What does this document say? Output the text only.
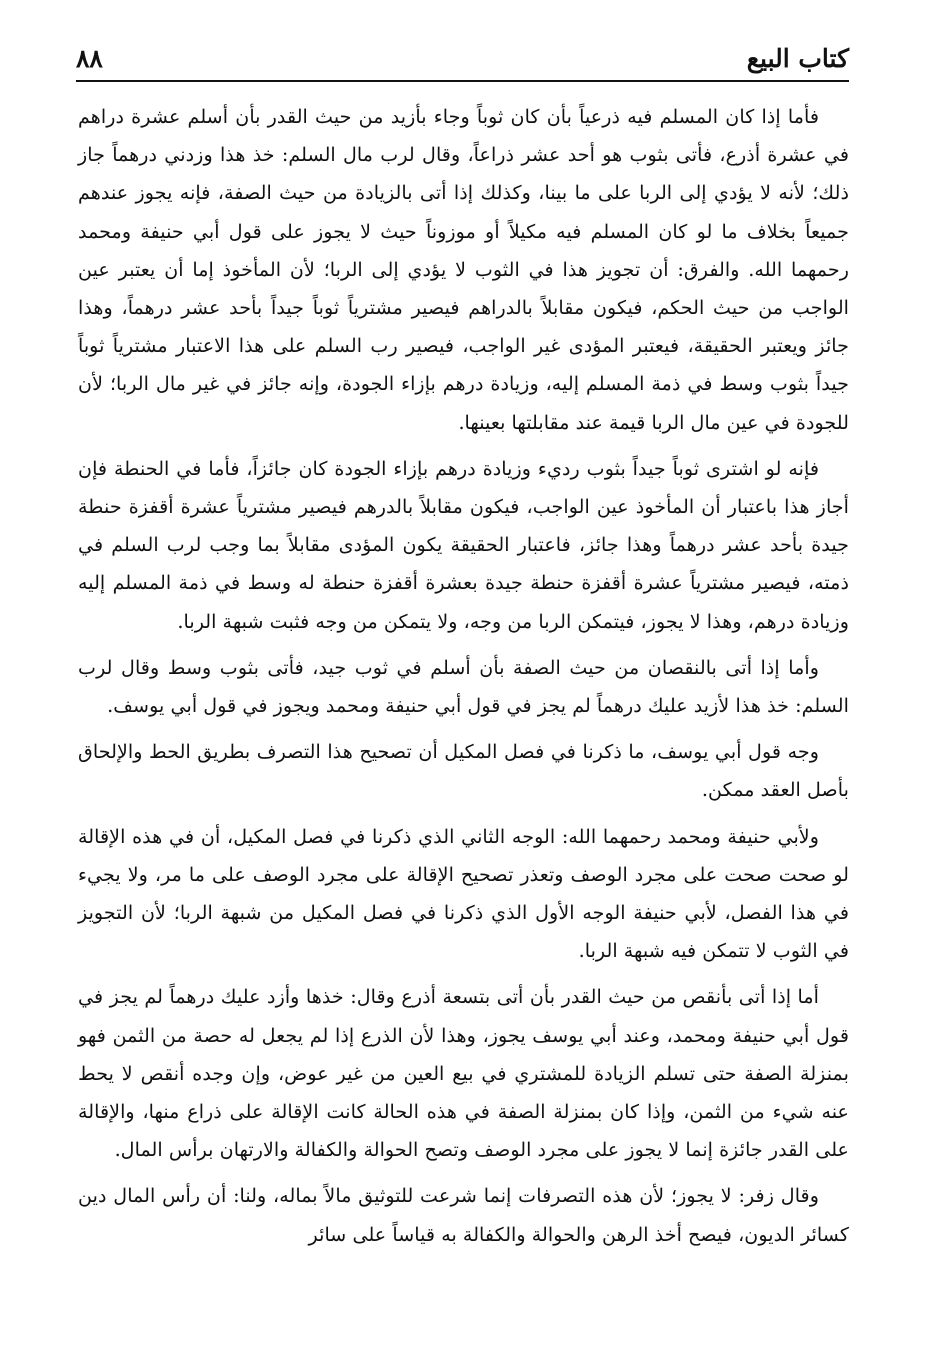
كتاب البيع
٨٨

فأما إذا كان المسلم فيه ذرعياً بأن كان ثوباً وجاء بأزيد من حيث القدر بأن أسلم عشرة دراهم في عشرة أذرع، فأتى بثوب هو أحد عشر ذراعاً، وقال لرب مال السلم: خذ هذا وزدني درهماً جاز ذلك؛ لأنه لا يؤدي إلى الربا على ما بينا، وكذلك إذا أتى بالزيادة من حيث الصفة، فإنه يجوز عندهم جميعاً بخلاف ما لو كان المسلم فيه مكيلاً أو موزوناً حيث لا يجوز على قول أبي حنيفة ومحمد رحمهما الله. والفرق: أن تجويز هذا في الثوب لا يؤدي إلى الربا؛ لأن المأخوذ إما أن يعتبر عين الواجب من حيث الحكم، فيكون مقابلاً بالدراهم فيصير مشترياً ثوباً جيداً بأحد عشر درهماً، وهذا جائز ويعتبر الحقيقة، فيعتبر المؤدى غير الواجب، فيصير رب السلم على هذا الاعتبار مشترياً ثوباً جيداً بثوب وسط في ذمة المسلم إليه، وزيادة درهم بإزاء الجودة، وإنه جائز في غير مال الربا؛ لأن للجودة في عين مال الربا قيمة عند مقابلتها بعينها.

فإنه لو اشترى ثوباً جيداً بثوب رديء وزيادة درهم بإزاء الجودة كان جائزاً، فأما في الحنطة فإن أجاز هذا باعتبار أن المأخوذ عين الواجب، فيكون مقابلاً بالدرهم فيصير مشترياً عشرة أقفزة حنطة جيدة بأحد عشر درهماً وهذا جائز، فاعتبار الحقيقة يكون المؤدى مقابلاً بما وجب لرب السلم في ذمته، فيصير مشترياً عشرة أقفزة حنطة جيدة بعشرة أقفزة حنطة له وسط في ذمة المسلم إليه وزيادة درهم، وهذا لا يجوز، فيتمكن الربا من وجه، ولا يتمكن من وجه فثبت شبهة الربا.

وأما إذا أتى بالنقصان من حيث الصفة بأن أسلم في ثوب جيد، فأتى بثوب وسط وقال لرب السلم: خذ هذا لأزيد عليك درهماً لم يجز في قول أبي حنيفة ومحمد ويجوز في قول أبي يوسف.

وجه قول أبي يوسف، ما ذكرنا في فصل المكيل أن تصحيح هذا التصرف بطريق الحط والإلحاق بأصل العقد ممكن.

ولأبي حنيفة ومحمد رحمهما الله: الوجه الثاني الذي ذكرنا في فصل المكيل، أن في هذه الإقالة لو صحت صحت على مجرد الوصف وتعذر تصحيح الإقالة على مجرد الوصف على ما مر، ولا يجيء في هذا الفصل، لأبي حنيفة الوجه الأول الذي ذكرنا في فصل المكيل من شبهة الربا؛ لأن التجويز في الثوب لا تتمكن فيه شبهة الربا.

أما إذا أتى بأنقص من حيث القدر بأن أتى بتسعة أذرع وقال: خذها وأزد عليك درهماً لم يجز في قول أبي حنيفة ومحمد، وعند أبي يوسف يجوز، وهذا لأن الذرع إذا لم يجعل له حصة من الثمن فهو بمنزلة الصفة حتى تسلم الزيادة للمشتري في بيع العين من غير عوض، وإن وجده أنقص لا يحط عنه شيء من الثمن، وإذا كان بمنزلة الصفة في هذه الحالة كانت الإقالة على ذراع منها، والإقالة على القدر جائزة إنما لا يجوز على مجرد الوصف وتصح الحوالة والكفالة والارتهان برأس المال.

وقال زفر: لا يجوز؛ لأن هذه التصرفات إنما شرعت للتوثيق مالاً بماله، ولنا: أن رأس المال دين كسائر الديون، فيصح أخذ الرهن والحوالة والكفالة به قياساً على سائر
